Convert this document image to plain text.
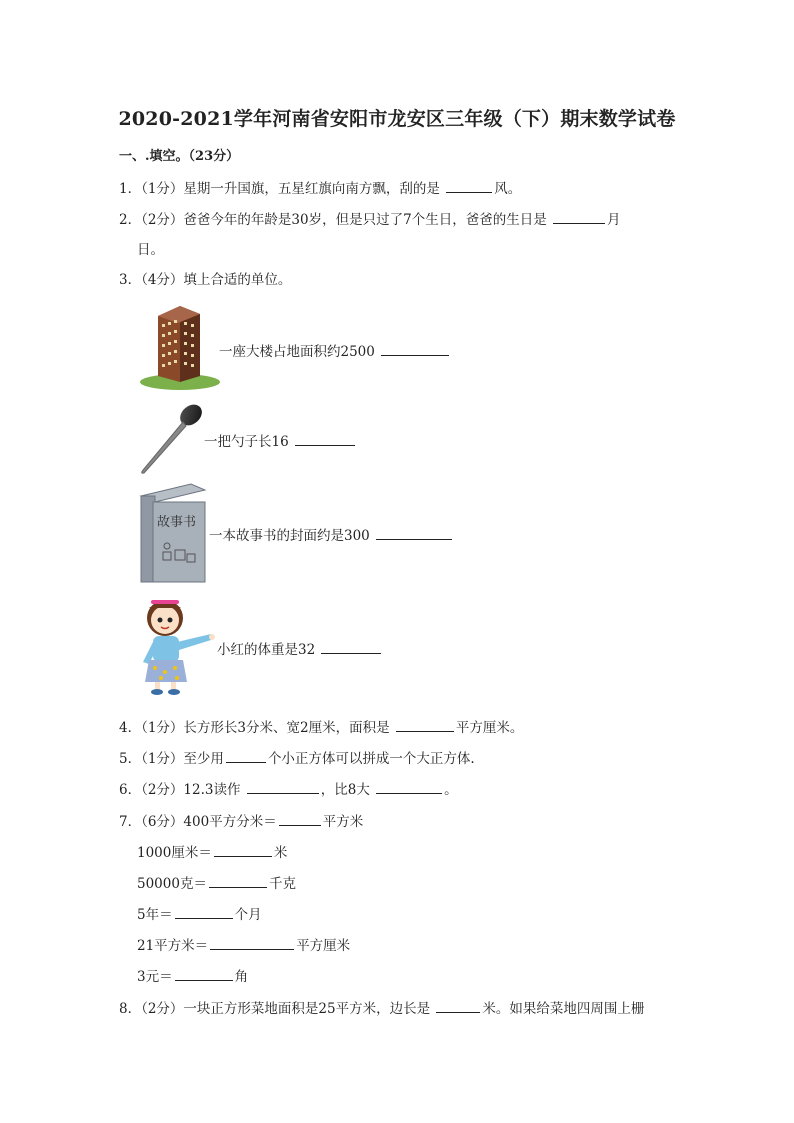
2020-2021学年河南省安阳市龙安区三年级（下）期末数学试卷
一、.填空。（23分）
1．（1分）星期一升国旗，五星红旗向南方飘，刮的是	风。
2．（2分）爸爸今年的年龄是30岁，但是只过了7个生日，爸爸的生日是	月
日。
3．（4分）填上合适的单位。
一座大楼占地面积约2500
一把勺子长16
故事书
一本故事书的封面约是300
小红的体重是32
4．（1分）长方形长3分米、宽2厘米，面积是	平方厘米。
5．（1分）至少用	个小正方体可以拼成一个大正方体.
6．（2分）12.3读作	，比8大	。
7．（6分）400平方分米＝	平方米
1000厘米＝	米
50000克＝	千克
5年＝	个月
21平方米＝	平方厘米
3元＝	角
8．（2分）一块正方形菜地面积是25平方米，边长是	米。如果给菜地四周围上栅
